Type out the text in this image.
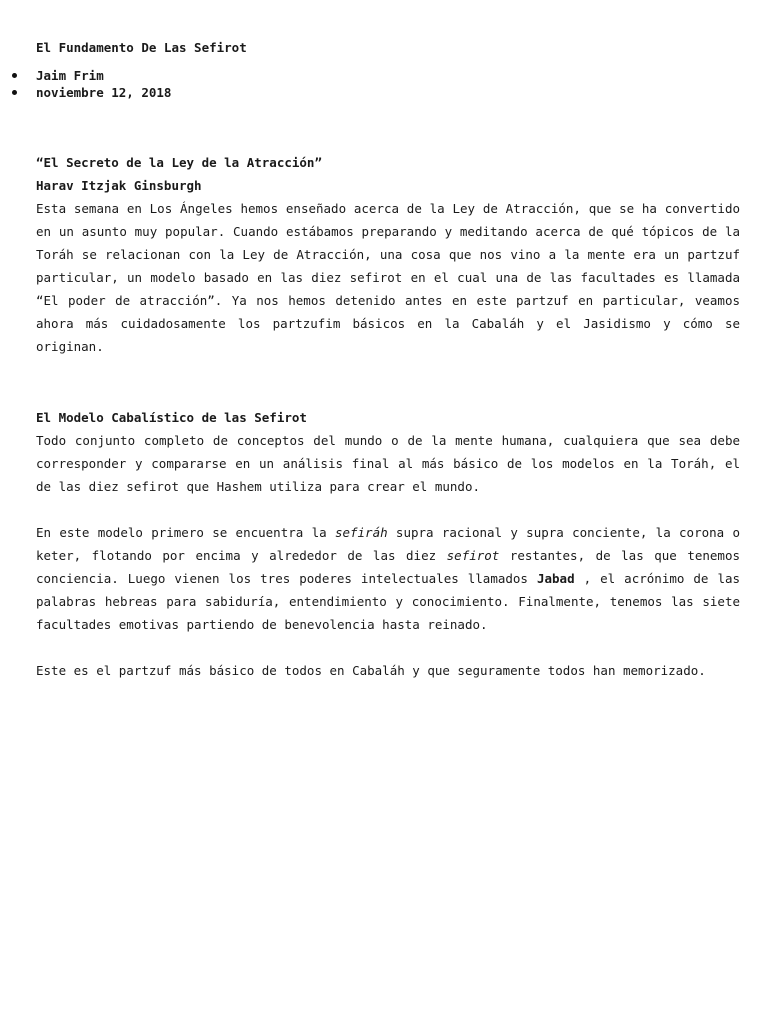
El Fundamento De Las Sefirot
Jaim Frim
noviembre 12, 2018
“El Secreto de la Ley de la Atracción”
Harav Itzjak Ginsburgh

Esta semana en Los Ángeles hemos enseñado acerca de la Ley de Atracción, que se ha convertido en un asunto muy popular. Cuando estábamos preparando y meditando acerca de qué tópicos de la Toráh se relacionan con la Ley de Atracción, una cosa que nos vino a la mente era un partzuf particular, un modelo basado en las diez sefirot en el cual una de las facultades es llamada “El poder de atracción”. Ya nos hemos detenido antes en este partzuf en particular, veamos ahora más cuidadosamente los partzufim básicos en la Cabaláh y el Jasidismo y cómo se originan.

El Modelo Cabalístico de las Sefirot

Todo conjunto completo de conceptos del mundo o de la mente humana, cualquiera que sea debe corresponder y compararse en un análisis final al más básico de los modelos en la Toráh, el de las diez sefirot que Hashem utiliza para crear el mundo.

En este modelo primero se encuentra la sefiráh supra racional y supra conciente, la corona o keter, flotando por encima y alrededor de las diez sefirot restantes, de las que tenemos conciencia. Luego vienen los tres poderes intelectuales llamados Jabad , el acrónimo de las palabras hebreas para sabiduría, entendimiento y conocimiento. Finalmente, tenemos las siete facultades emotivas partiendo de benevolencia hasta reinado.

Este es el partzuf más básico de todos en Cabaláh y que seguramente todos han memorizado.
